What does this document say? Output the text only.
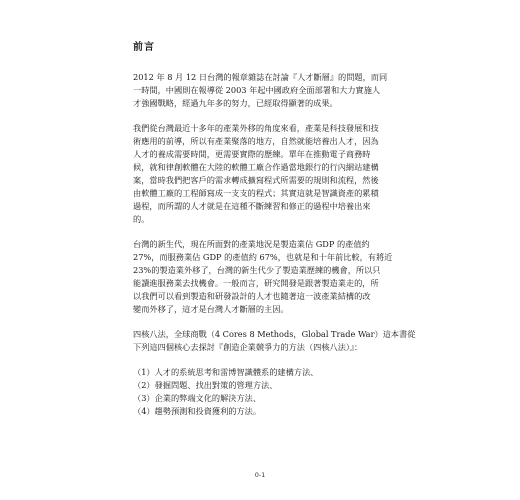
前言

2012 年 8 月 12 日台灣的報章雜誌在討論『人才斷層』的問題，而同
一時間，中國則在報導從 2003 年起中國政府全面部署和大力實施人
才強國戰略，經過九年多的努力，已經取得顯著的成果。

我們從台灣最近十多年的產業外移的角度來看，產業是科技發展和技
術應用的前導，所以有產業聚落的地方，自然就能培養出人才，因為
人才的養成需要時間，更需要實際的歷練。單年在推動電子商務時
候，就和律創軟體在大陸的軟體工廠合作過當地銀行的行內網站建構
案，當時我們把客戶的需求轉成擴寫程式所需要的規則和流程，然後
由軟體工廠的工程師寫成一支支的程式；其實這就是智識資產的累積
過程，而所謂的人才就是在這種不斷練習和修正的過程中培養出來
的。

台灣的新生代，現在所面對的產業地況是製造業佔 GDP 的產值約
27%，而服務業佔 GDP 的產值約 67%，也就是和十年前比較，有將近
23%的製造業外移了，台灣的新生代少了製造業歷練的機會，所以只
能讀進服務業去找機會。一般而言，研究開發是跟著製造業走的，所
以我們可以看到製造和研發設計的人才也隨著這一波產業結構的改
變而外移了，這才是台灣人才斷層的主因。

四核八法，全球商戰（4 Cores 8 Methods，Global Trade War）這本書從
下列這四個核心去探討『創造企業競爭力的方法（四核八法）』：

（1）人才的系統思考和雷博智識體系的建構方法、
（2）發掘問題、找出對策的管理方法、
（3）企業的弊端文化的解決方法、
（4）趨勢預測和投資獲利的方法。
0-1
